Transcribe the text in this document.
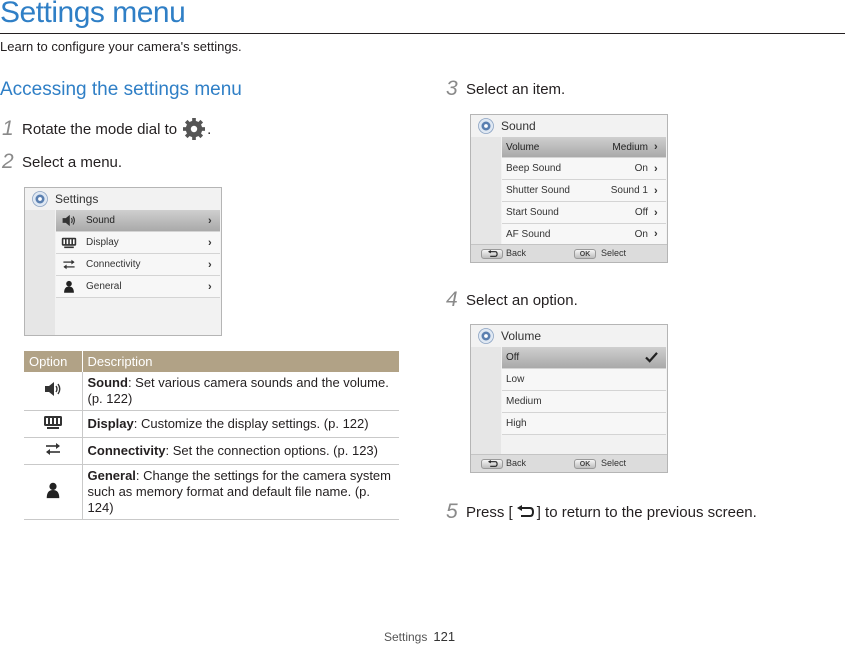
Settings menu
Learn to configure your camera's settings.
Accessing the settings menu
1 Rotate the mode dial to .
2 Select a menu.
Settings
Sound	›
Display	›
Connectivity	›
General	›
Option	Description
	Sound: Set various camera sounds and the volume. (p. 122)
	Display: Customize the display settings. (p. 122)
	Connectivity: Set the connection options. (p. 123)
	General: Change the settings for the camera system such as memory format and default file name. (p. 124)
3 Select an item.
Sound
Volume	Medium ›
Beep Sound	On ›
Shutter Sound	Sound 1 ›
Start Sound	Off ›
AF Sound	On ›
Back	OK	Select
4 Select an option.
Volume
Off
Low
Medium
High
Back	OK	Select
5 Press [ ] to return to the previous screen.
Settings 121
